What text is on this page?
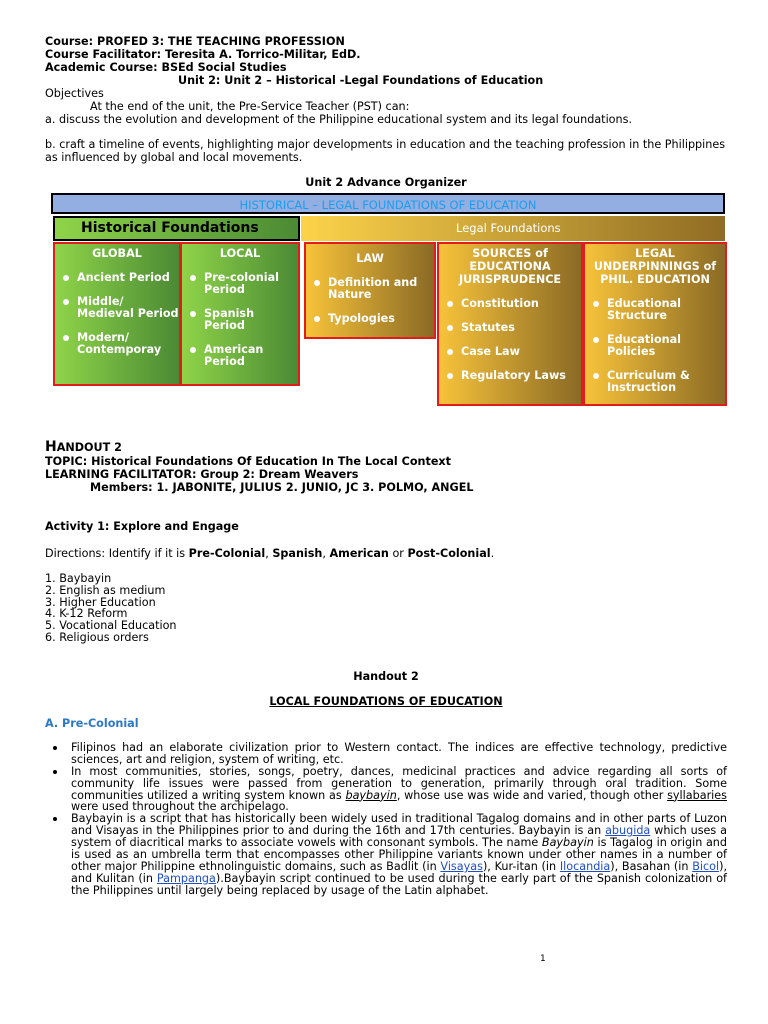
Course: PROFED 3: THE TEACHING PROFESSION
Course Facilitator: Teresita A. Torrico-Militar, EdD.
Academic Course: BSEd Social Studies
Unit 2: Unit 2 – Historical -Legal Foundations of Education
Objectives
At the end of the unit, the Pre-Service Teacher (PST) can:
a. discuss the evolution and development of the Philippine educational system and its legal foundations.

b. craft a timeline of events, highlighting major developments in education and the teaching profession in the Philippines as influenced by global and local movements.

Unit 2 Advance Organizer
HISTORICAL – LEGAL FOUNDATIONS OF EDUCATION
Historical Foundations	Legal Foundations
GLOBAL
Ancient Period
Middle/ Medieval Period
Modern/ Contemporay
LOCAL
Pre-colonial Period
Spanish Period
American Period
LAW
Definition and Nature
Typologies
SOURCES of EDUCATIONA JURISPRUDENCE
Constitution
Statutes
Case Law
Regulatory Laws
LEGAL UNDERPINNINGS of PHIL. EDUCATION
Educational Structure
Educational Policies
Curriculum & Instruction
HANDOUT 2
TOPIC: Historical Foundations Of Education In The Local Context
LEARNING FACILITATOR: Group 2: Dream Weavers
Members: 1. JABONITE, JULIUS 2. JUNIO, JC 3. POLMO, ANGEL
Activity 1: Explore and Engage
Directions: Identify if it is Pre-Colonial, Spanish, American or Post-Colonial.
1. Baybayin
2. English as medium
3. Higher Education
4. K-12 Reform
5. Vocational Education
6. Religious orders
Handout 2
LOCAL FOUNDATIONS OF EDUCATION
A. Pre-Colonial
Filipinos had an elaborate civilization prior to Western contact. The indices are effective technology, predictive sciences, art and religion, system of writing, etc.
In most communities, stories, songs, poetry, dances, medicinal practices and advice regarding all sorts of community life issues were passed from generation to generation, primarily through oral tradition. Some communities utilized a writing system known as baybayin, whose use was wide and varied, though other syllabaries were used throughout the archipelago.
Baybayin is a script that has historically been widely used in traditional Tagalog domains and in other parts of Luzon and Visayas in the Philippines prior to and during the 16th and 17th centuries. Baybayin is an abugida which uses a system of diacritical marks to associate vowels with consonant symbols. The name Baybayin is Tagalog in origin and is used as an umbrella term that encompasses other Philippine variants known under other names in a number of other major Philippine ethnolinguistic domains, such as Badlit (in Visayas), Kur-itan (in Ilocandia), Basahan (in Bicol), and Kulitan (in Pampanga).Baybayin script continued to be used during the early part of the Spanish colonization of the Philippines until largely being replaced by usage of the Latin alphabet.
1
